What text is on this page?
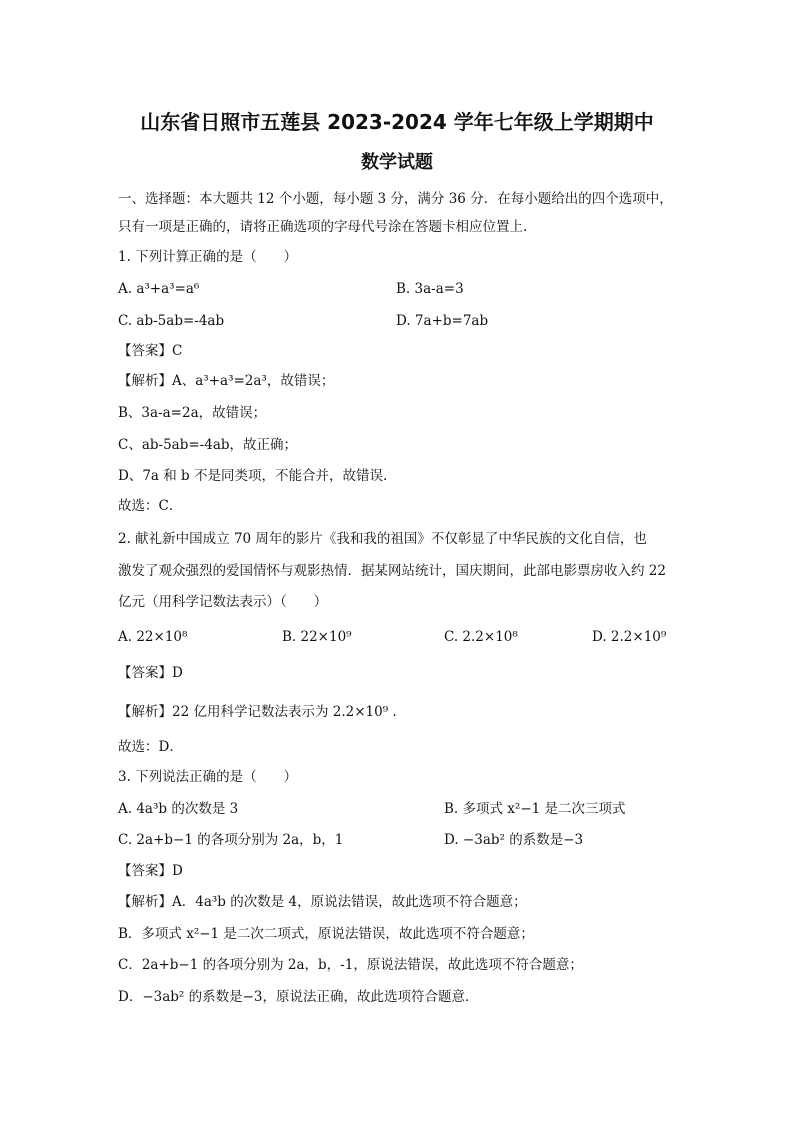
山东省日照市五莲县 2023-2024 学年七年级上学期期中
数学试题
一、选择题：本大题共 12 个小题，每小题 3 分，满分 36 分．在每小题给出的四个选项中，
只有一项是正确的，请将正确选项的字母代号涂在答题卡相应位置上.
1. 下列计算正确的是（　　）
A. a³+a³=a⁶	B. 3a-a=3
C. ab-5ab=-4ab	D. 7a+b=7ab
【答案】C
【解析】A、a³+a³=2a³，故错误；
B、3a-a=2a，故错误；
C、ab-5ab=-4ab，故正确；
D、7a 和 b 不是同类项，不能合并，故错误.
故选：C．
2. 献礼新中国成立 70 周年的影片《我和我的祖国》不仅彰显了中华民族的文化自信，也
激发了观众强烈的爱国情怀与观影热情．据某网站统计，国庆期间，此部电影票房收入约 22
亿元（用科学记数法表示）（　　）
A. 22×10⁸	B. 22×10⁹	C. 2.2×10⁸	D. 2.2×10⁹
【答案】D
【解析】22 亿用科学记数法表示为 2.2×10⁹ .
故选：D．
3. 下列说法正确的是（　　）
A. 4a³b 的次数是 3	B. 多项式 x²−1 是二次三项式
C. 2a+b−1 的各项分别为 2a，b，1	D. −3ab² 的系数是−3
【答案】D
【解析】A．4a³b 的次数是 4，原说法错误，故此选项不符合题意；
B．多项式 x²−1 是二次二项式，原说法错误，故此选项不符合题意；
C．2a+b−1 的各项分别为 2a，b，-1，原说法错误，故此选项不符合题意；
D．−3ab² 的系数是−3，原说法正确，故此选项符合题意．
